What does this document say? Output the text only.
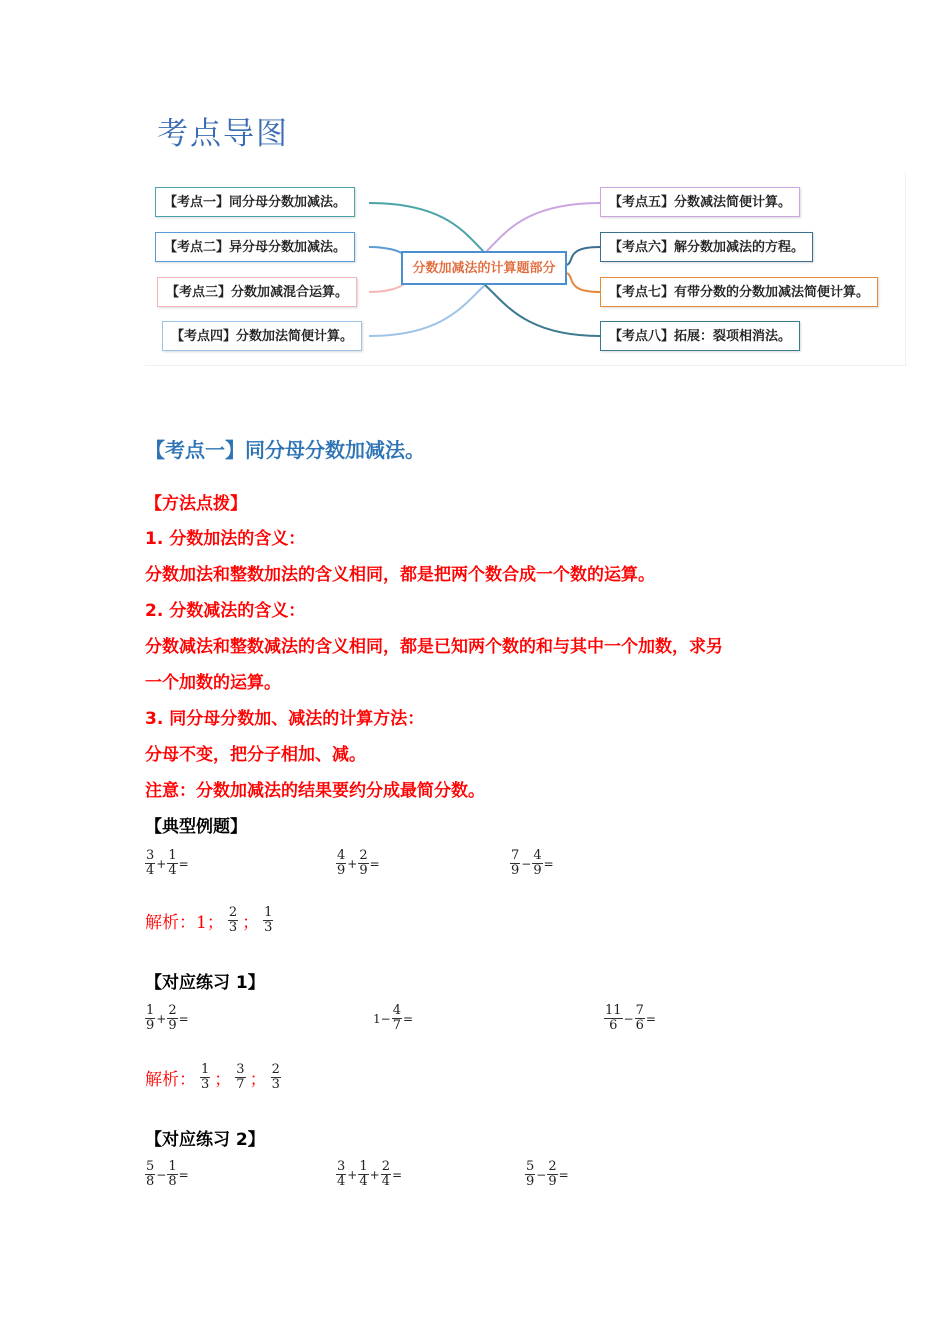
考点导图
分数加减法的计算题部分
【考点一】同分母分数加减法。
【考点二】异分母分数加减法。
【考点三】分数加减混合运算。
【考点四】分数加法简便计算。
【考点五】分数减法简便计算。
【考点六】解分数加减法的方程。
【考点七】有带分数的分数加减法简便计算。
【考点八】拓展：裂项相消法。
【考点一】同分母分数加减法。
【方法点拨】
1. 分数加法的含义：
分数加法和整数加法的含义相同，都是把两个数合成一个数的运算。
2. 分数减法的含义：
分数减法和整数减法的含义相同，都是已知两个数的和与其中一个加数，求另
一个加数的运算。
3. 同分母分数加、减法的计算方法：
分母不变，把分子相加、减。
注意：分数加减法的结果要约分成最简分数。
【典型例题】
$\frac{3}{4} + \frac{1}{4}$ =	$\frac{4}{9} + \frac{2}{9}$ =	$\frac{7}{9} - \frac{4}{9}$ =
解析：1； $\frac{2}{3}$ ； $\frac{1}{3}$
【对应练习 1】
$\frac{1}{9} + \frac{2}{9}$ =	$1- \frac{4}{7}$ =	$\frac{11}{6} - \frac{7}{6}$ =
解析： $\frac{1}{3}$ ； $\frac{3}{7}$ ； $\frac{2}{3}$
【对应练习 2】
$\frac{5}{8} - \frac{1}{8}$ =	$\frac{3}{4} + \frac{1}{4} + \frac{2}{4}$ =	$\frac{5}{9} - \frac{2}{9}$ =
